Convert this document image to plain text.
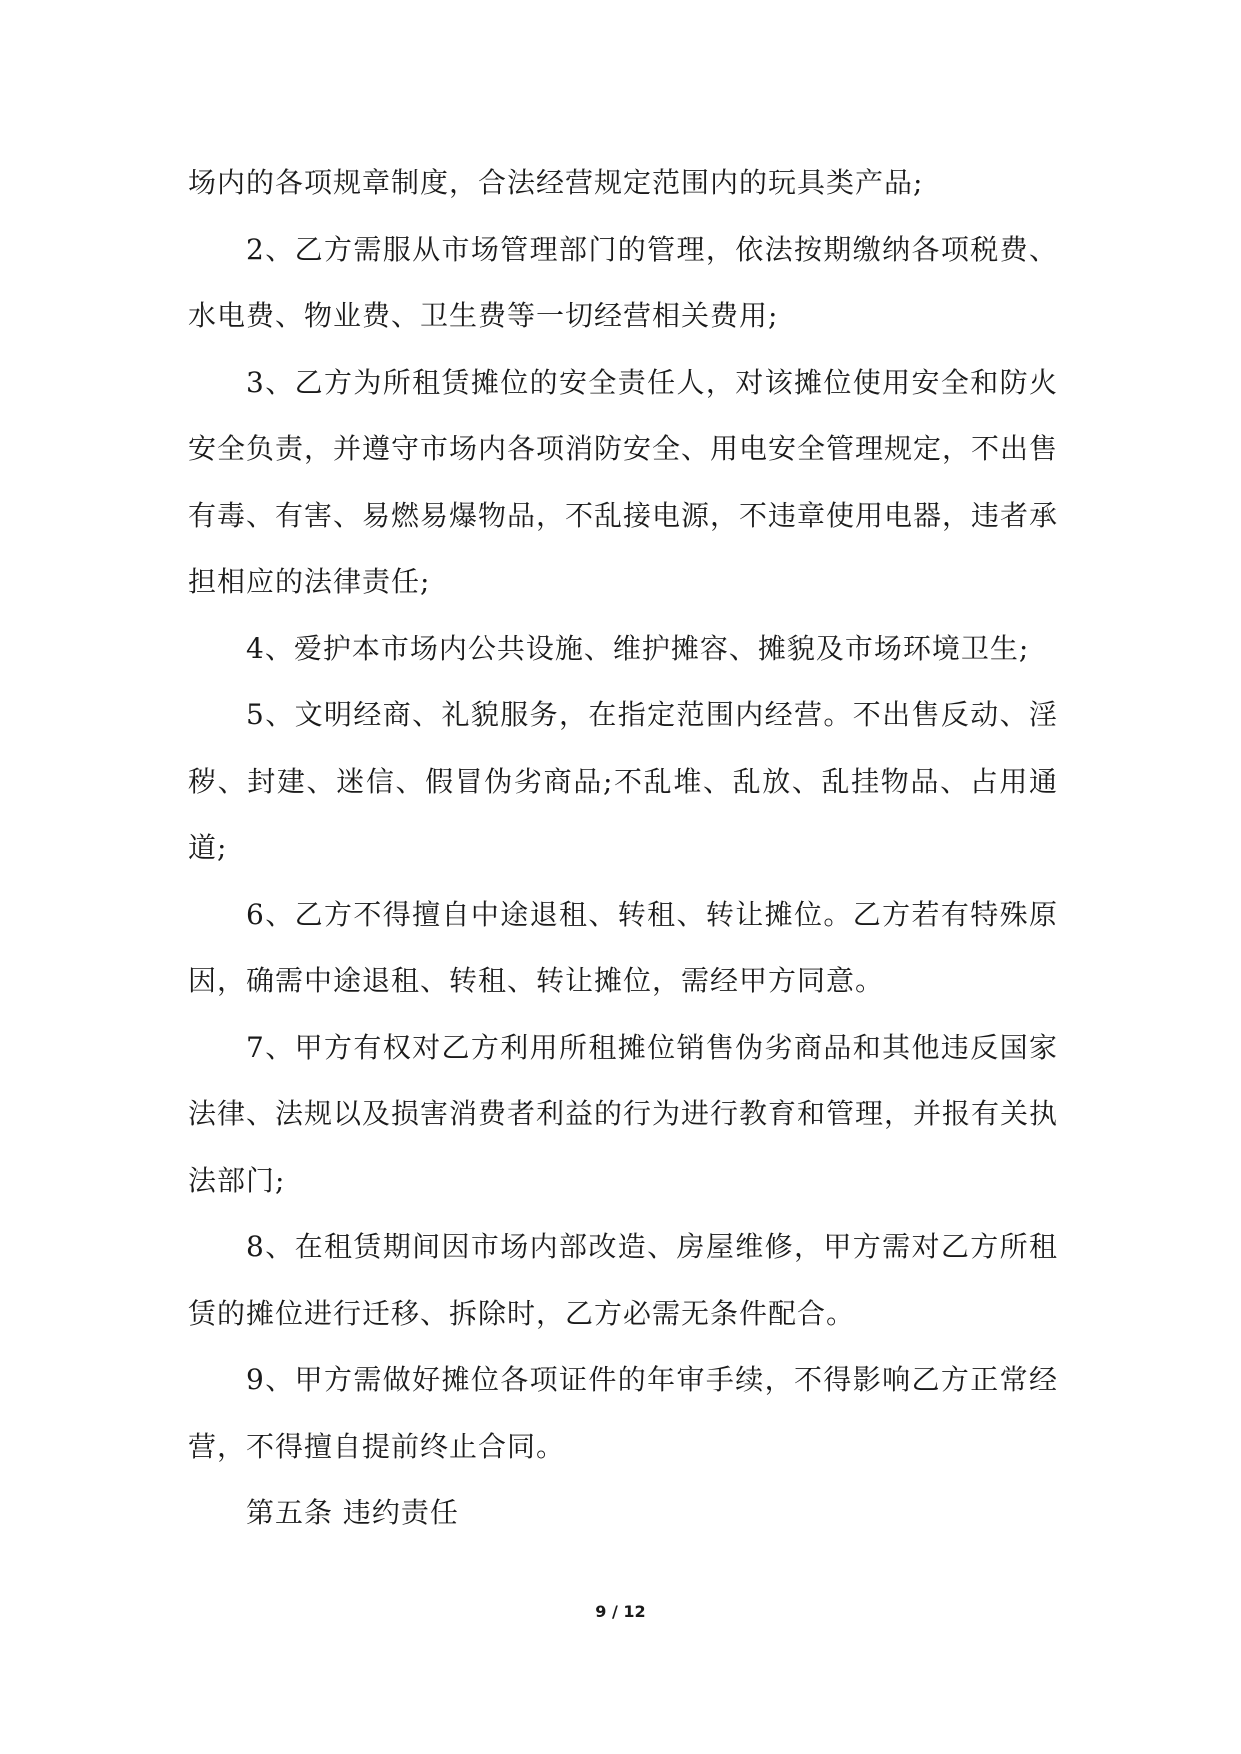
场内的各项规章制度，合法经营规定范围内的玩具类产品;

2、乙方需服从市场管理部门的管理，依法按期缴纳各项税费、水电费、物业费、卫生费等一切经营相关费用;

3、乙方为所租赁摊位的安全责任人，对该摊位使用安全和防火安全负责，并遵守市场内各项消防安全、用电安全管理规定，不出售有毒、有害、易燃易爆物品，不乱接电源，不违章使用电器，违者承担相应的法律责任;

4、爱护本市场内公共设施、维护摊容、摊貌及市场环境卫生;

5、文明经商、礼貌服务，在指定范围内经营。不出售反动、淫秽、封建、迷信、假冒伪劣商品;不乱堆、乱放、乱挂物品、占用通道;

6、乙方不得擅自中途退租、转租、转让摊位。乙方若有特殊原因，确需中途退租、转租、转让摊位，需经甲方同意。

7、甲方有权对乙方利用所租摊位销售伪劣商品和其他违反国家法律、法规以及损害消费者利益的行为进行教育和管理，并报有关执法部门;

8、在租赁期间因市场内部改造、房屋维修，甲方需对乙方所租赁的摊位进行迁移、拆除时，乙方必需无条件配合。

9、甲方需做好摊位各项证件的年审手续，不得影响乙方正常经营，不得擅自提前终止合同。

第五条 违约责任

9 / 12
